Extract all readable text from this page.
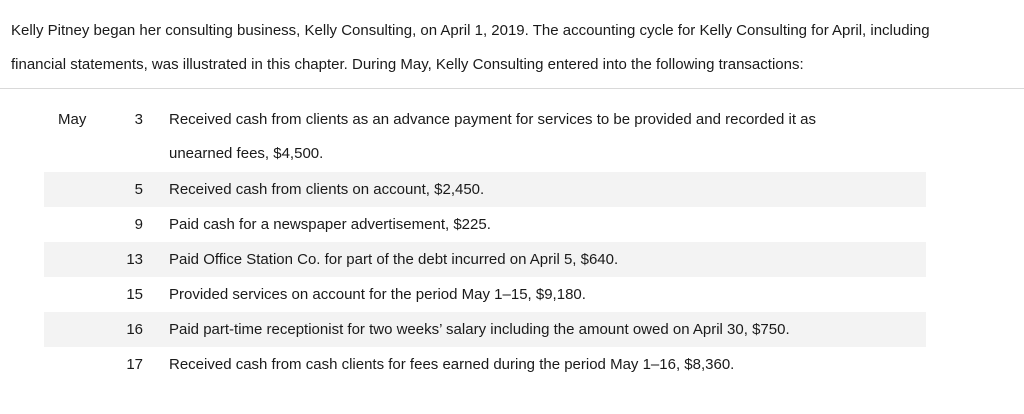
Kelly Pitney began her consulting business, Kelly Consulting, on April 1, 2019. The accounting cycle for Kelly Consulting for April, including
financial statements, was illustrated in this chapter. During May, Kelly Consulting entered into the following transactions:
May	3	Received cash from clients as an advance payment for services to be provided and recorded it as
unearned fees, $4,500.
5	Received cash from clients on account, $2,450.
9	Paid cash for a newspaper advertisement, $225.
13	Paid Office Station Co. for part of the debt incurred on April 5, $640.
15	Provided services on account for the period May 1–15, $9,180.
16	Paid part-time receptionist for two weeks’ salary including the amount owed on April 30, $750.
17	Received cash from cash clients for fees earned during the period May 1–16, $8,360.
